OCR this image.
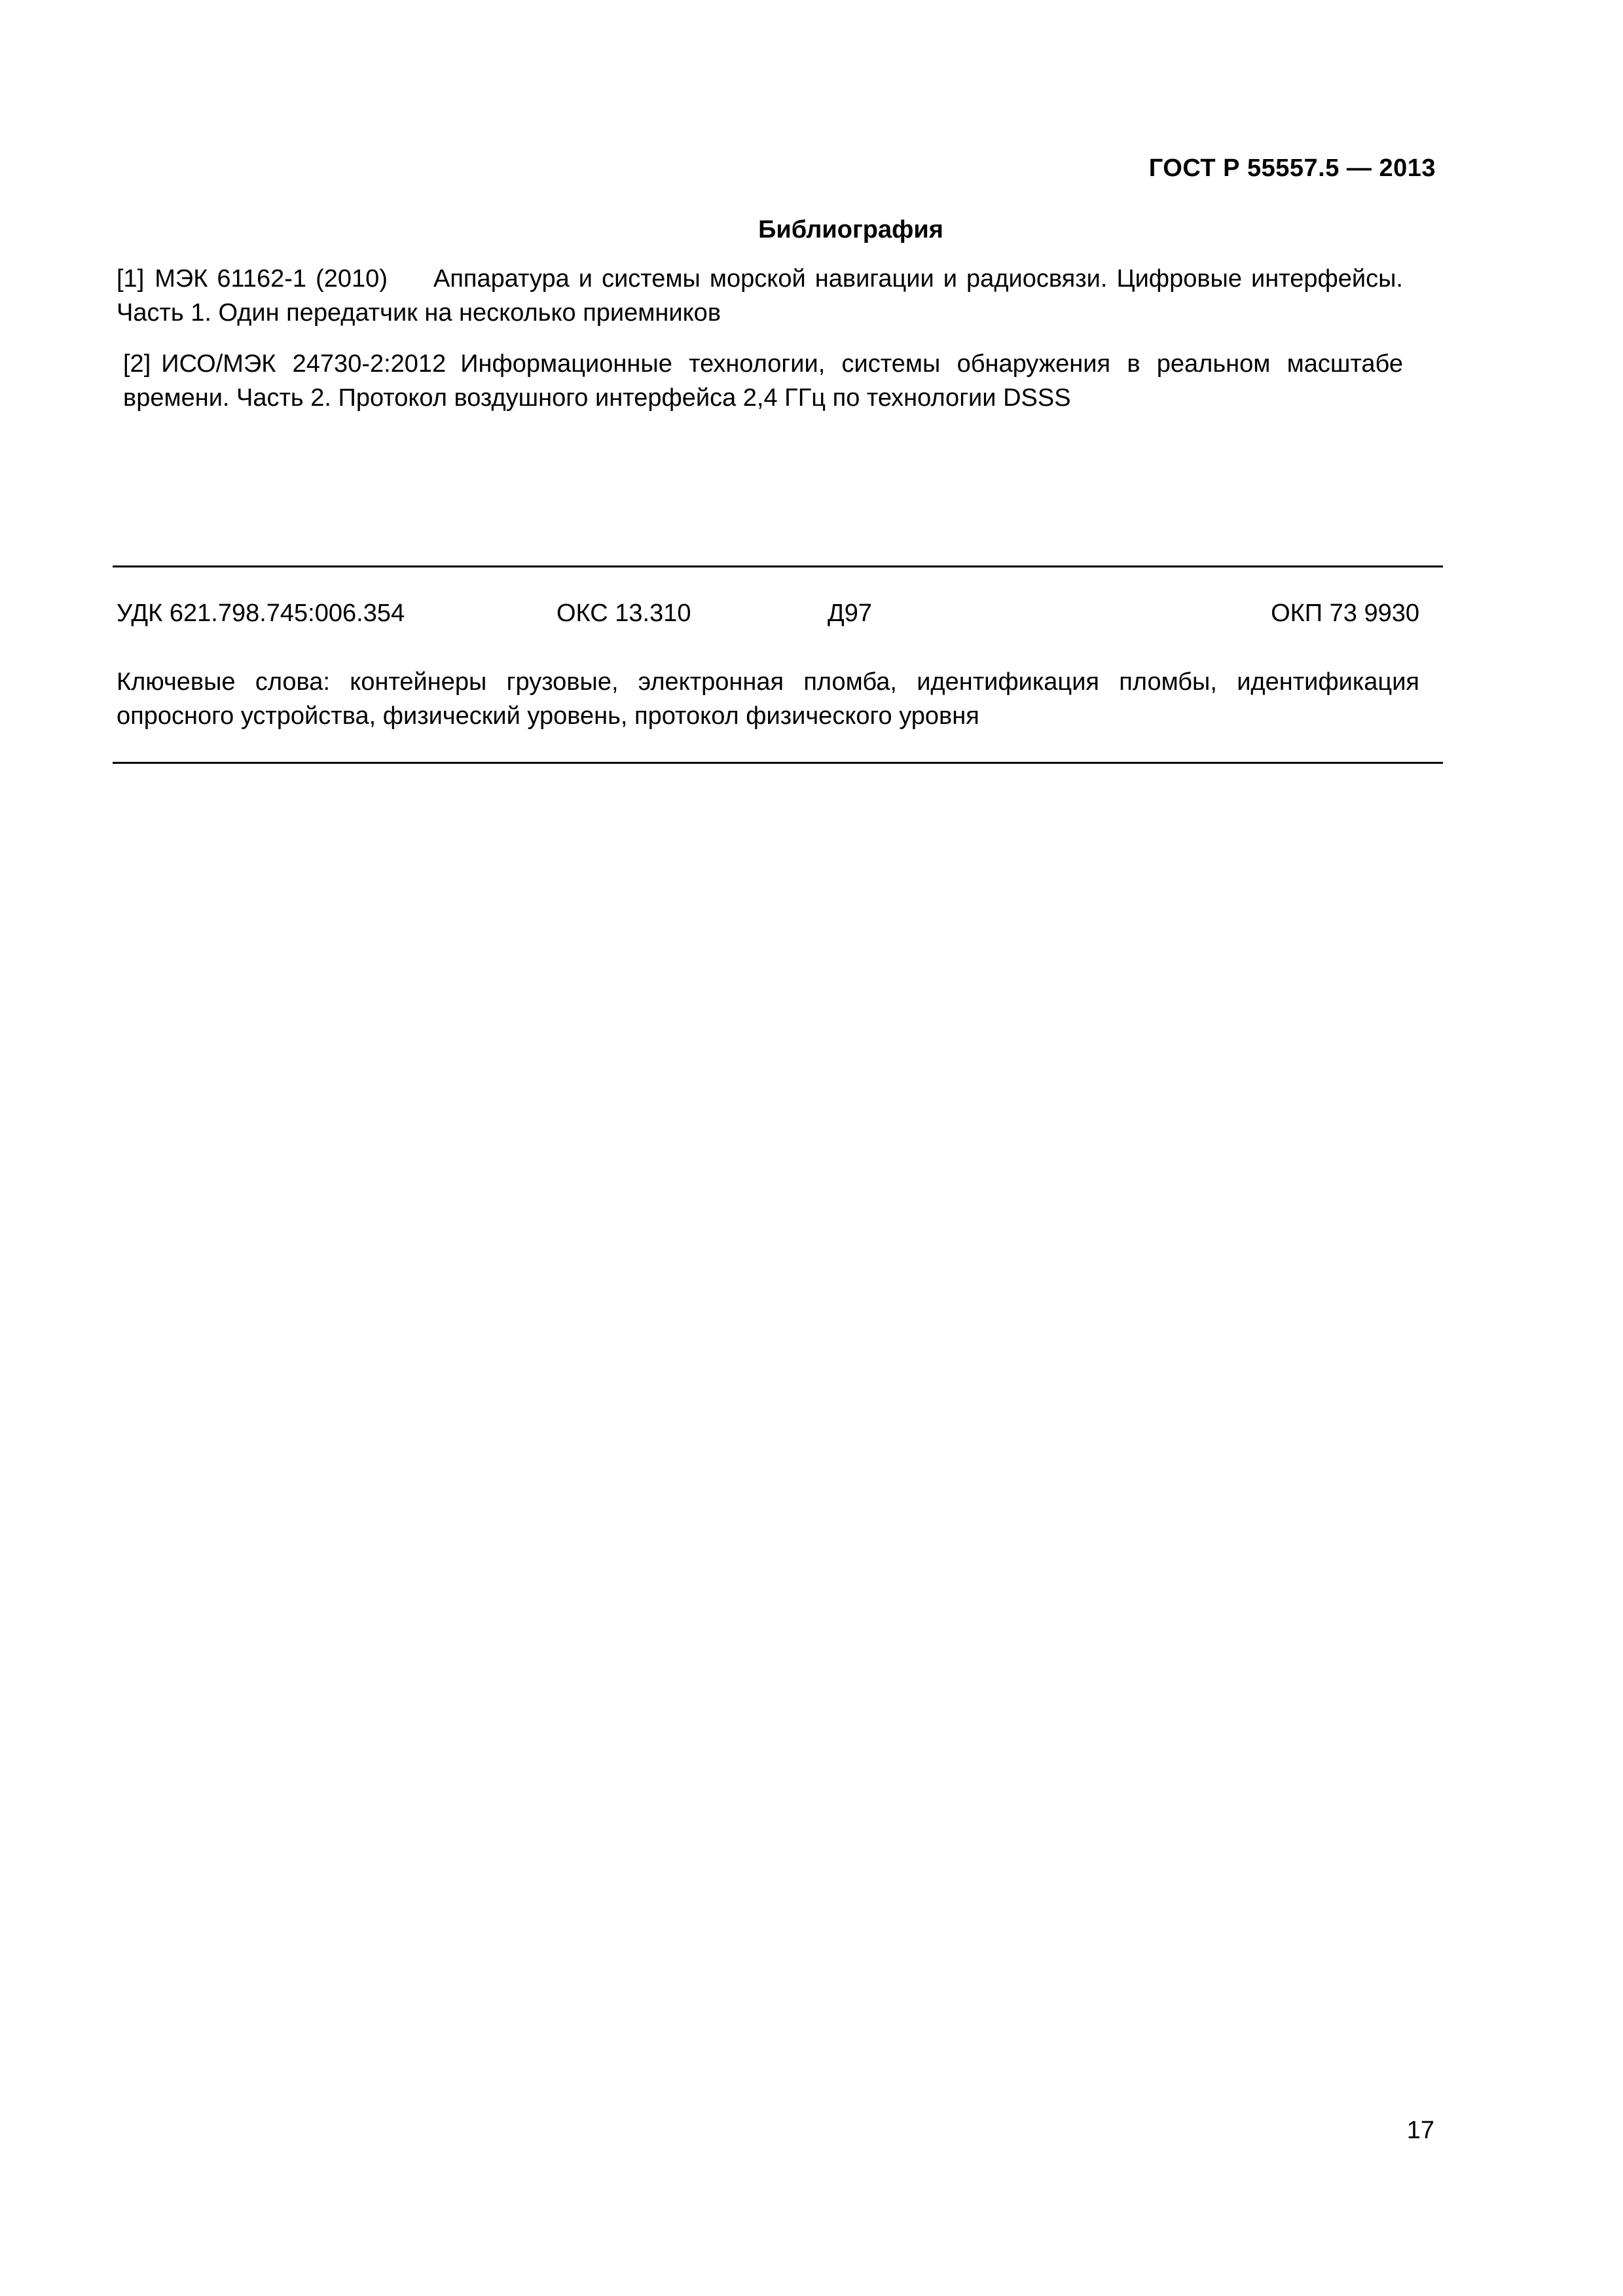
ГОСТ Р 55557.5 — 2013
Библиография

[1] МЭК 61162-1 (2010) Аппаратура и системы морской навигации и радиосвязи. Цифровые интерфейсы. Часть 1. Один передатчик на несколько приемников

[2] ИСО/МЭК 24730-2:2012 Информационные технологии, системы обнаружения в реальном масштабе времени. Часть 2. Протокол воздушного интерфейса 2,4 ГГц по технологии DSSS

УДК 621.798.745:006.354	ОКС 13.310	Д97	ОКП 73 9930
Ключевые слова: контейнеры грузовые, электронная пломба, идентификация пломбы, идентификация опросного устройства, физический уровень, протокол физического уровня
17
